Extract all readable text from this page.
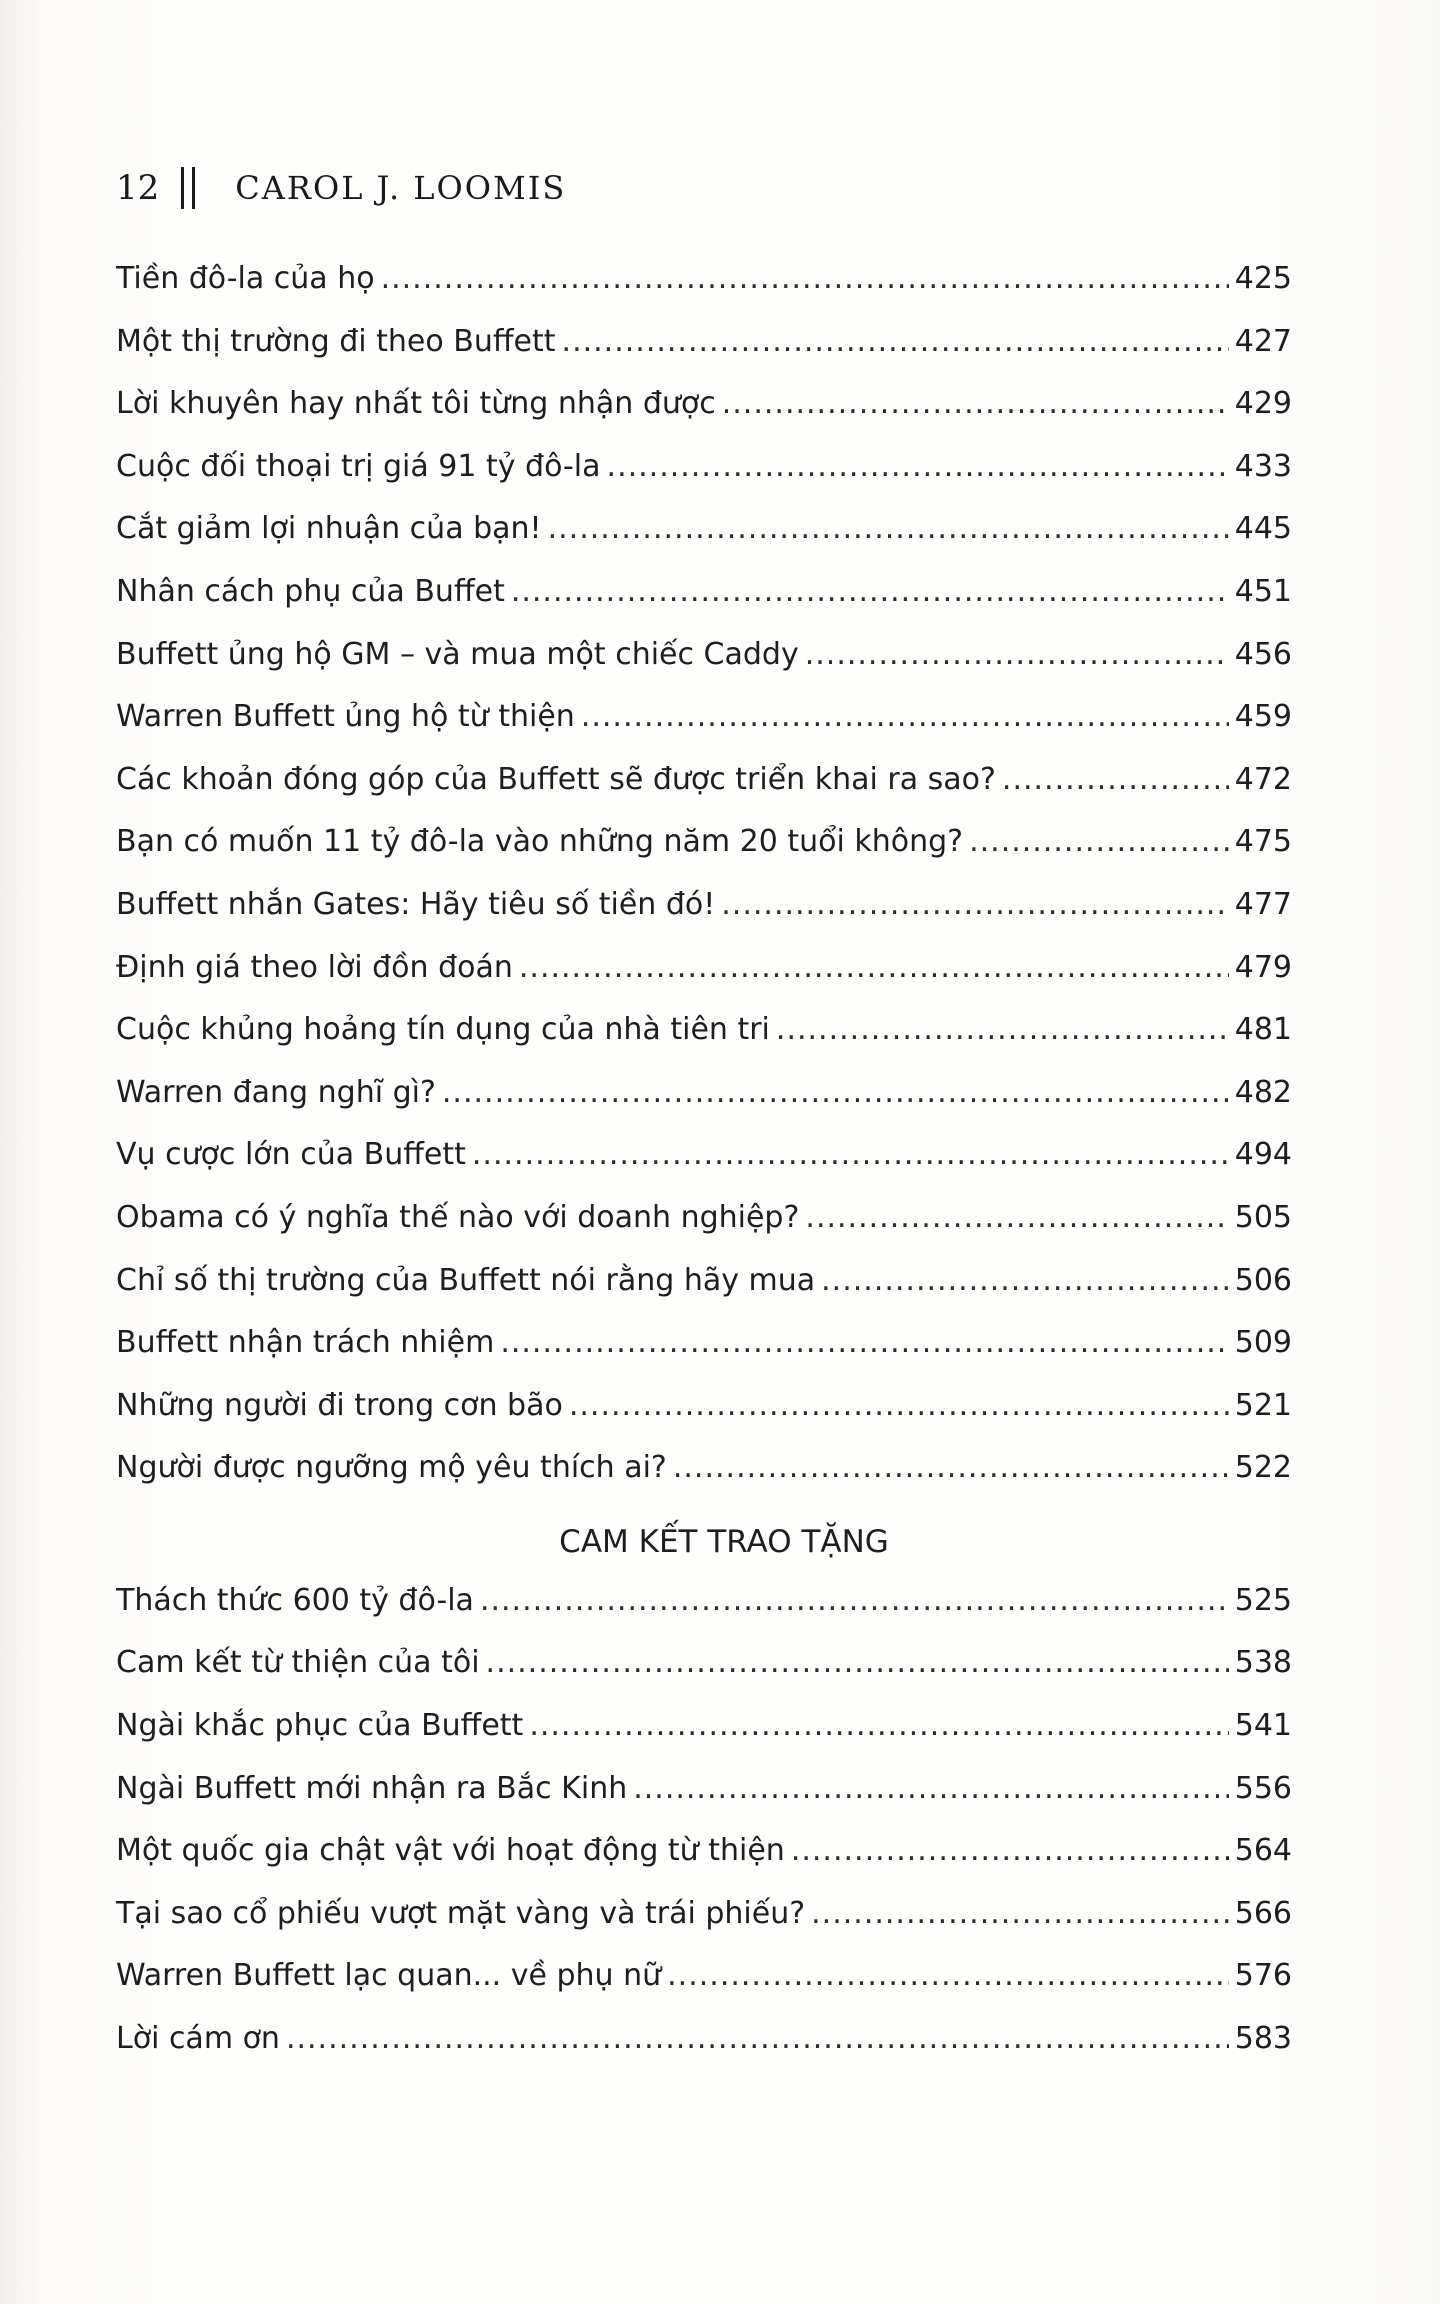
12 CAROL J. LOOMIS
Tiền đô-la của họ .....	425
Một thị trường đi theo Buffett .....	427
Lời khuyên hay nhất tôi từng nhận được .....	429
Cuộc đối thoại trị giá 91 tỷ đô-la .....	433
Cắt giảm lợi nhuận của bạn! .....	445
Nhân cách phụ của Buffet .....	451
Buffett ủng hộ GM – và mua một chiếc Caddy .....	456
Warren Buffett ủng hộ từ thiện .....	459
Các khoản đóng góp của Buffett sẽ được triển khai ra sao? .....	472
Bạn có muốn 11 tỷ đô-la vào những năm 20 tuổi không? .....	475
Buffett nhắn Gates: Hãy tiêu số tiền đó! .....	477
Định giá theo lời đồn đoán .....	479
Cuộc khủng hoảng tín dụng của nhà tiên tri .....	481
Warren đang nghĩ gì? .....	482
Vụ cược lớn của Buffett .....	494
Obama có ý nghĩa thế nào với doanh nghiệp? .....	505
Chỉ số thị trường của Buffett nói rằng hãy mua .....	506
Buffett nhận trách nhiệm .....	509
Những người đi trong cơn bão .....	521
Người được ngưỡng mộ yêu thích ai? .....	522
CAM KẾT TRAO TẶNG
Thách thức 600 tỷ đô-la .....	525
Cam kết từ thiện của tôi .....	538
Ngài khắc phục của Buffett .....	541
Ngài Buffett mới nhận ra Bắc Kinh .....	556
Một quốc gia chật vật với hoạt động từ thiện .....	564
Tại sao cổ phiếu vượt mặt vàng và trái phiếu? .....	566
Warren Buffett lạc quan... về phụ nữ .....	576
Lời cám ơn .....	583
